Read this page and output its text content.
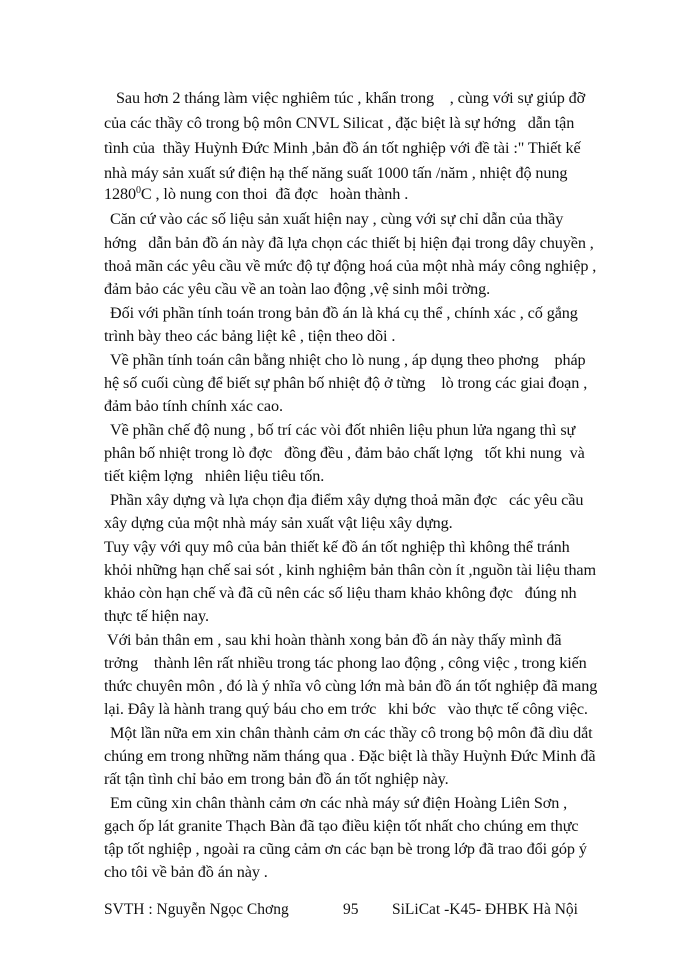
Sau hơn 2 tháng làm việc nghiêm túc , khẩn trong    , cùng với sự giúp đỡ
của các thầy cô trong bộ môn CNVL Silicat , đặc biệt là sự hớng   dẫn tận
tình của  thầy Huỳnh Đức Minh ,bản đồ án tốt nghiệp với đề tài :" Thiết kế
nhà máy sản xuất sứ điện hạ thế năng suất 1000 tấn /năm , nhiệt độ nung
1280$^0$C , lò nung con thoi  đã đợc   hoàn thành .
Căn cứ vào các số liệu sản xuất hiện nay , cùng với sự chỉ dẫn của thầy
hớng   dẫn bản đồ án này đã lựa chọn các thiết bị hiện đại trong dây chuyền ,
thoả mãn các yêu cầu về mức độ tự động hoá của một nhà máy công nghiệp ,
đảm bảo các yêu cầu về an toàn lao động ,vệ sinh môi trờng.
Đối với phần tính toán trong bản đồ án là khá cụ thể , chính xác , cố gắng
trình bày theo các bảng liệt kê , tiện theo dõi .
Về phần tính toán cân bằng nhiệt cho lò nung , áp dụng theo phơng    pháp
hệ số cuối cùng để biết sự phân bố nhiệt độ ở từng    lò trong các giai đoạn ,
đảm bảo tính chính xác cao.
Về phần chế độ nung , bố trí các vòi đốt nhiên liệu phun lửa ngang thì sự
phân bố nhiệt trong lò đợc   đồng đều , đảm bảo chất lợng   tốt khi nung  và
tiết kiệm lợng   nhiên liệu tiêu tốn.
Phần xây dựng và lựa chọn địa điểm xây dựng thoả mãn đợc   các yêu cầu
xây dựng của một nhà máy sản xuất vật liệu xây dựng.
Tuy vậy với quy mô của bản thiết kế đồ án tốt nghiệp thì không thể tránh
khỏi những hạn chế sai sót , kinh nghiệm bản thân còn ít ,nguồn tài liệu tham
khảo còn hạn chế và đã cũ nên các số liệu tham khảo không đợc   đúng nh
thực tế hiện nay.
Với bản thân em , sau khi hoàn thành xong bản đồ án này thấy mình đã
trởng    thành lên rất nhiều trong tác phong lao động , công việc , trong kiến
thức chuyên môn , đó là ý nhĩa vô cùng lớn mà bản đồ án tốt nghiệp đã mang
lại. Đây là hành trang quý báu cho em trớc   khi bớc   vào thực tế công việc.
Một lần nữa em xin chân thành cảm ơn các thầy cô trong bộ môn đã dìu dắt
chúng em trong những năm tháng qua . Đặc biệt là thầy Huỳnh Đức Minh đã
rất tận tình chỉ bảo em trong bản đồ án tốt nghiệp này.
Em cũng xin chân thành cảm ơn các nhà máy sứ điện Hoàng Liên Sơn ,
gạch ốp lát granite Thạch Bàn đã tạo điều kiện tốt nhất cho chúng em thực
tập tốt nghiệp , ngoài ra cũng cảm ơn các bạn bè trong lớp đã trao đổi góp ý
cho tôi về bản đồ án này .
SVTH : Nguyễn Ngọc Chơng	95 SiLiCat -K45- ĐHBK Hà Nội
